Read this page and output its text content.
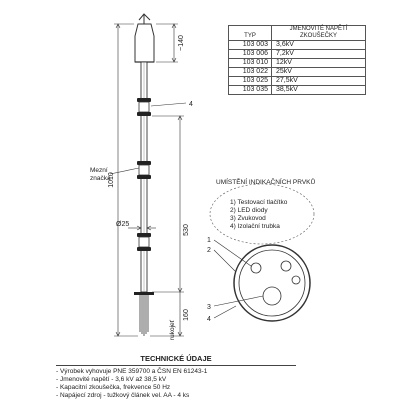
~140
1010
530
160
rukojeť
Ø25
4
Mezní
značka
UMÍSTĚNÍ INDIKAČNÍCH PRVKŮ
1) Testovací tlačítko
2) LED diody
3) Zvukovod
4) Izolační trubka
1
2
3
4
TYP	JMENOVITÉ NAPĚTÍ
ZKOUŠEČKY

103 003	3,6kV
103 006	7,2kV
103 010	12kV
103 022	25kV
103 025	27,5kV
103 035	38,5kV
TECHNICKÉ ÚDAJE
- Výrobek vyhovuje PNE 359700 a ČSN EN 61243-1
- Jmenovité napětí - 3,6 kV až 38,5 kV
- Kapacitní zkoušečka, frekvence 50 Hz
- Napájecí zdroj - tužkový článek vel. AA - 4 ks
